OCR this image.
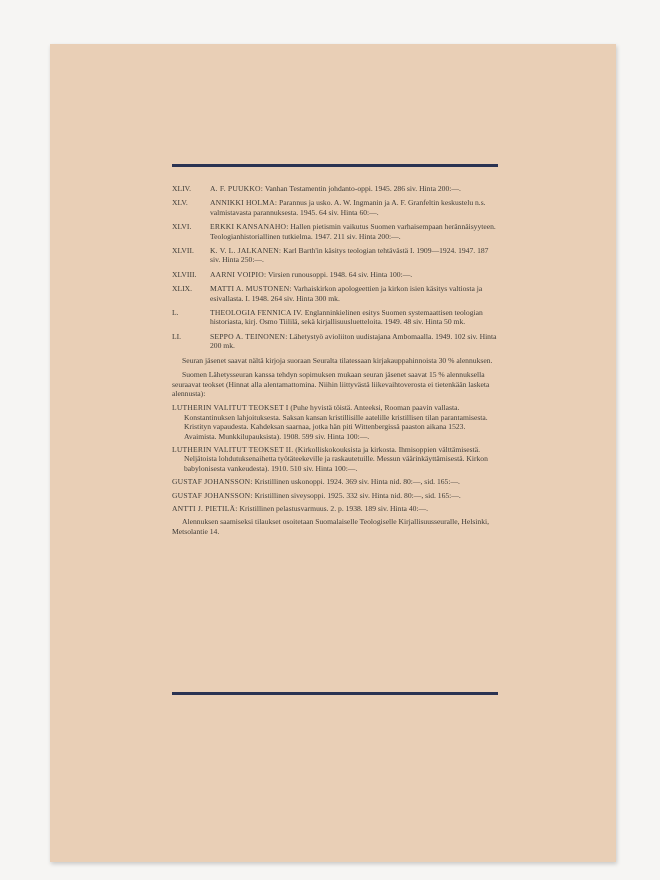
XLIV.	A. F. PUUKKO: Vanhan Testamentin johdanto-oppi. 1945. 286 siv. Hinta 200:—.
XLV.	ANNIKKI HOLMA: Parannus ja usko. A. W. Ingmanin ja A. F. Granfeltin keskustelu n.s. valmistavasta parannuksesta. 1945. 64 siv. Hinta 60:—.
XLVI.	ERKKI KANSANAHO: Hallen pietismin vaikutus Suomen varhaisempaan herännäisyyteen. Teologianhistoriallinen tutkielma. 1947. 211 siv. Hinta 200:—.
XLVII.	K. V. L. JALKANEN: Karl Barth'in käsitys teologian tehtävästä I. 1909—1924. 1947. 187 siv. Hinta 250:—.
XLVIII.	AARNI VOIPIO: Virsien runousoppi. 1948. 64 siv. Hinta 100:—.
XLIX.	MATTI A. MUSTONEN: Varhaiskirkon apologeettien ja kirkon isien käsitys valtiosta ja esivallasta. I. 1948. 264 siv. Hinta 300 mk.
L.	THEOLOGIA FENNICA IV. Englanninkielinen esitys Suomen systemaattisen teologian historiasta, kirj. Osmo Tiililä, sekä kirjallisuusluetteloita. 1949. 48 siv. Hinta 50 mk.
LI.	SEPPO A. TEINONEN: Lähetystyö avioliiton uudistajana Ambomaalla. 1949. 102 siv. Hinta 200 mk.
Seuran jäsenet saavat nältä kirjoja suoraan Seuralta tilatessaan kirjakauppahinnoista 30 % alennuksen.
Suomen Lähetysseuran kanssa tehdyn sopimuksen mukaan seuran jäsenet saavat 15 % alennuksella seuraavat teokset (Hinnat alla alentamattomina. Niihin liittyvästä liikevaihtoverosta ei tietenkään lasketa alennusta):
LUTHERIN VALITUT TEOKSET I (Puhe hyvistä töistä. Anteeksi, Rooman paavin vallasta. Konstantinuksen lahjoituksesta. Saksan kansan kristillisille aatelille kristillisen tilan parantamisesta. Kristityn vapaudesta. Kahdeksan saarnaa, jotka hän piti Wittenbergissä paaston aikana 1523. Avaimista. Munkkilupauksista). 1908. 599 siv. Hinta 100:—.
LUTHERIN VALITUT TEOKSET II. (Kirkolliskokouksista ja kirkosta. Ihmisoppien välttämisestä. Neljätoista lohdutuksenaihetta työtäteekeville ja raskautetuille. Messun väärinkäyttämisestä. Kirkon babylonisesta vankeudesta). 1910. 510 siv. Hinta 100:—.
GUSTAF JOHANSSON: Kristillinen uskonoppi. 1924. 369 siv. Hinta nid. 80:—, sid. 165:—.
GUSTAF JOHANSSON: Kristillinen siveysoppi. 1925. 332 siv. Hinta nid. 80:—, sid. 165:—.
ANTTI J. PIETILÄ: Kristillinen pelastusvarmuus. 2. p. 1938. 189 siv. Hinta 40:—.
Alennuksen saamiseksi tilaukset osoitetaan Suomalaiselle Teologiselle Kirjallisuusseuralle, Helsinki, Metsolantie 14.
